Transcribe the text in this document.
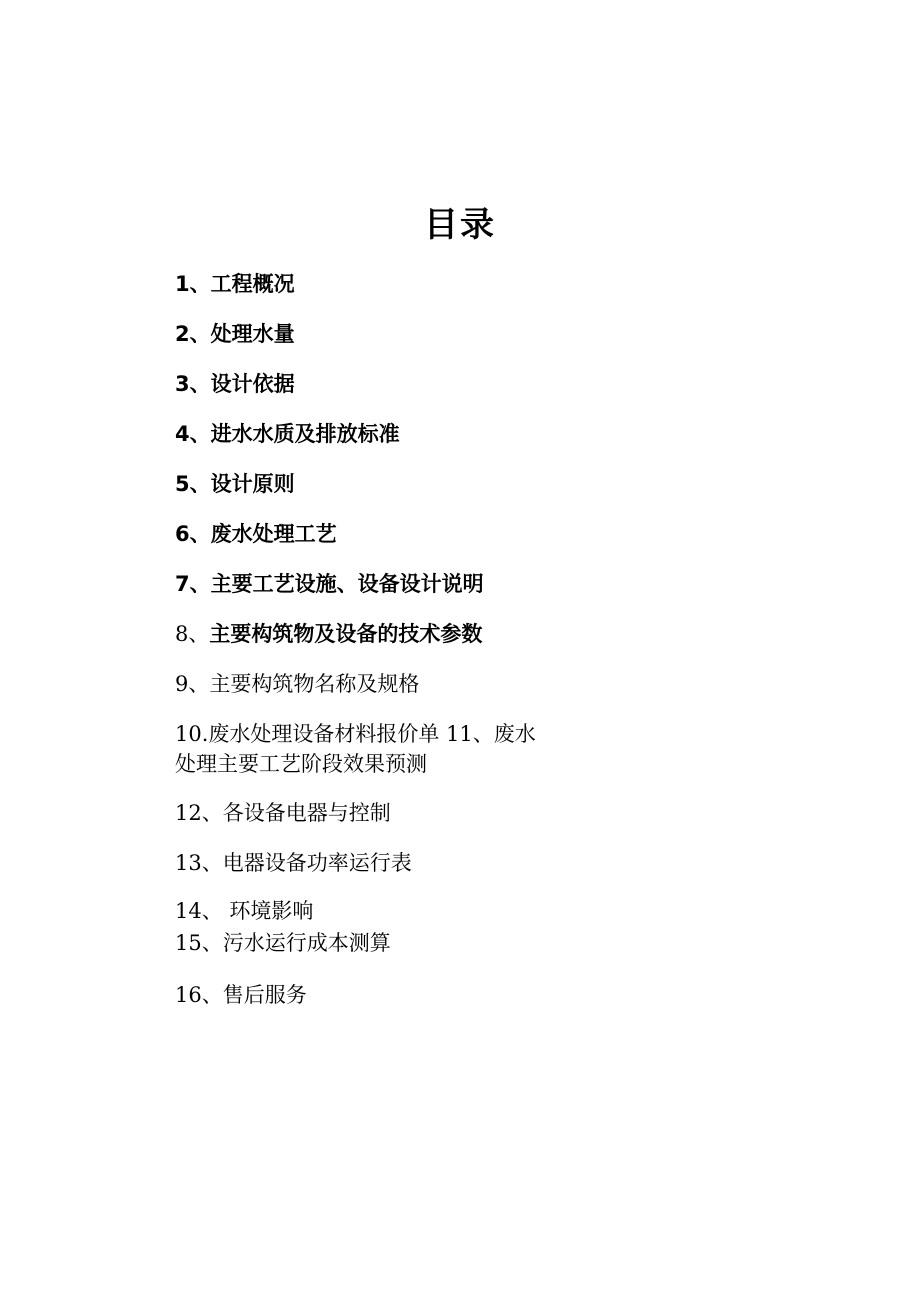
目录
1、工程概况
2、处理水量
3、设计依据
4、进水水质及排放标准
5、设计原则
6、废水处理工艺
7、主要工艺设施、设备设计说明
8、主要构筑物及设备的技术参数
9、主要构筑物名称及规格
10.废水处理设备材料报价单 11、废水处理主要工艺阶段效果预测
12、各设备电器与控制
13、电器设备功率运行表
14、 环境影响
15、污水运行成本测算
16、售后服务
